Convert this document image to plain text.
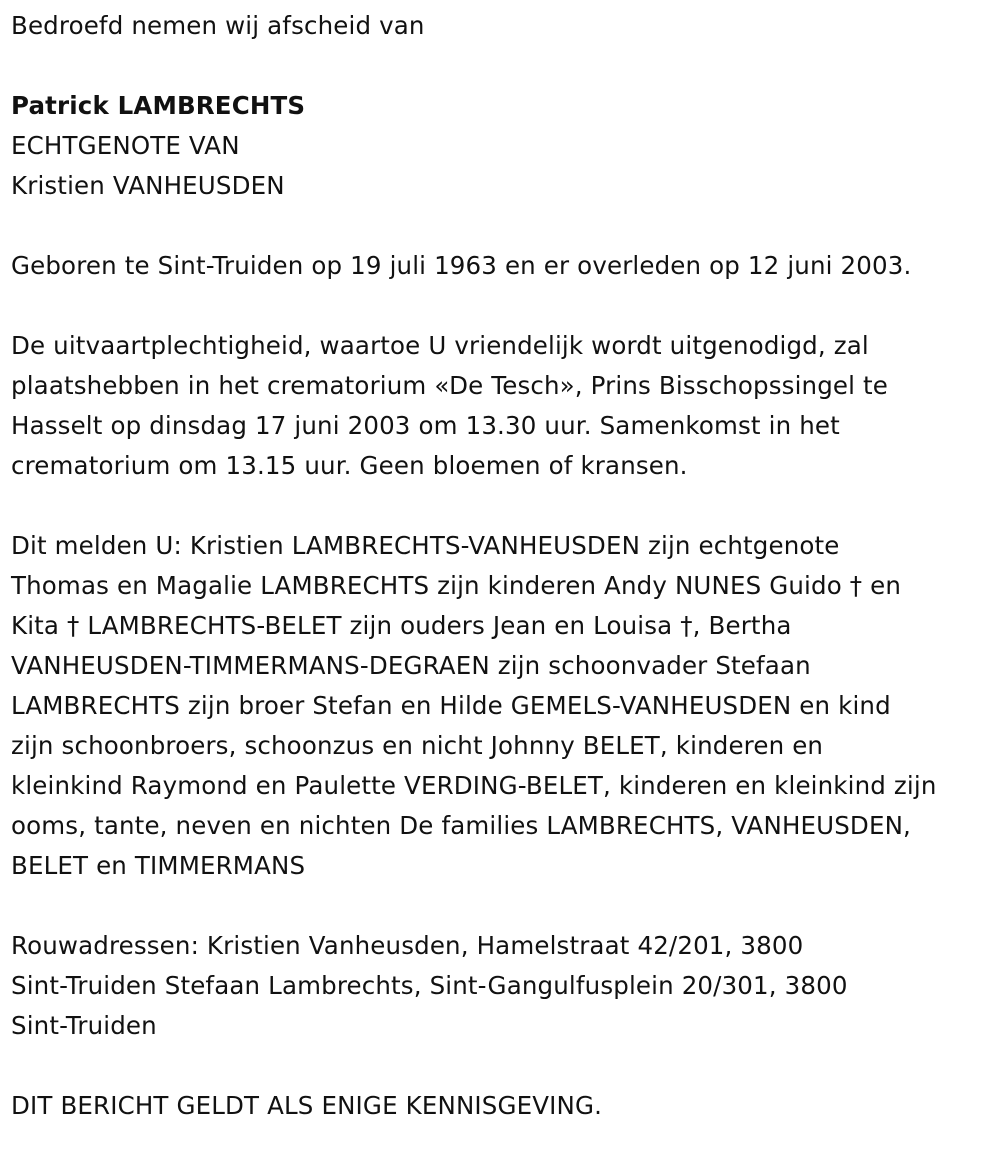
Bedroefd nemen wij afscheid van

Patrick LAMBRECHTS

ECHTGENOTE VAN

Kristien VANHEUSDEN

Geboren te Sint-Truiden op 19 juli 1963 en er overleden op 12 juni 2003.

De uitvaartplechtigheid, waartoe U vriendelijk wordt uitgenodigd, zal
plaatshebben in het crematorium «De Tesch», Prins Bisschopssingel te
Hasselt op dinsdag 17 juni 2003 om 13.30 uur. Samenkomst in het
crematorium om 13.15 uur. Geen bloemen of kransen.

Dit melden U: Kristien LAMBRECHTS-VANHEUSDEN zijn echtgenote
Thomas en Magalie LAMBRECHTS zijn kinderen Andy NUNES Guido † en
Kita † LAMBRECHTS-BELET zijn ouders Jean en Louisa †, Bertha
VANHEUSDEN-TIMMERMANS-DEGRAEN zijn schoonvader Stefaan
LAMBRECHTS zijn broer Stefan en Hilde GEMELS-VANHEUSDEN en kind
zijn schoonbroers, schoonzus en nicht Johnny BELET, kinderen en
kleinkind Raymond en Paulette VERDING-BELET, kinderen en kleinkind zijn
ooms, tante, neven en nichten De families LAMBRECHTS, VANHEUSDEN,
BELET en TIMMERMANS

Rouwadressen: Kristien Vanheusden, Hamelstraat 42/201, 3800
Sint-Truiden Stefaan Lambrechts, Sint-Gangulfusplein 20/301, 3800
Sint-Truiden

DIT BERICHT GELDT ALS ENIGE KENNISGEVING.
